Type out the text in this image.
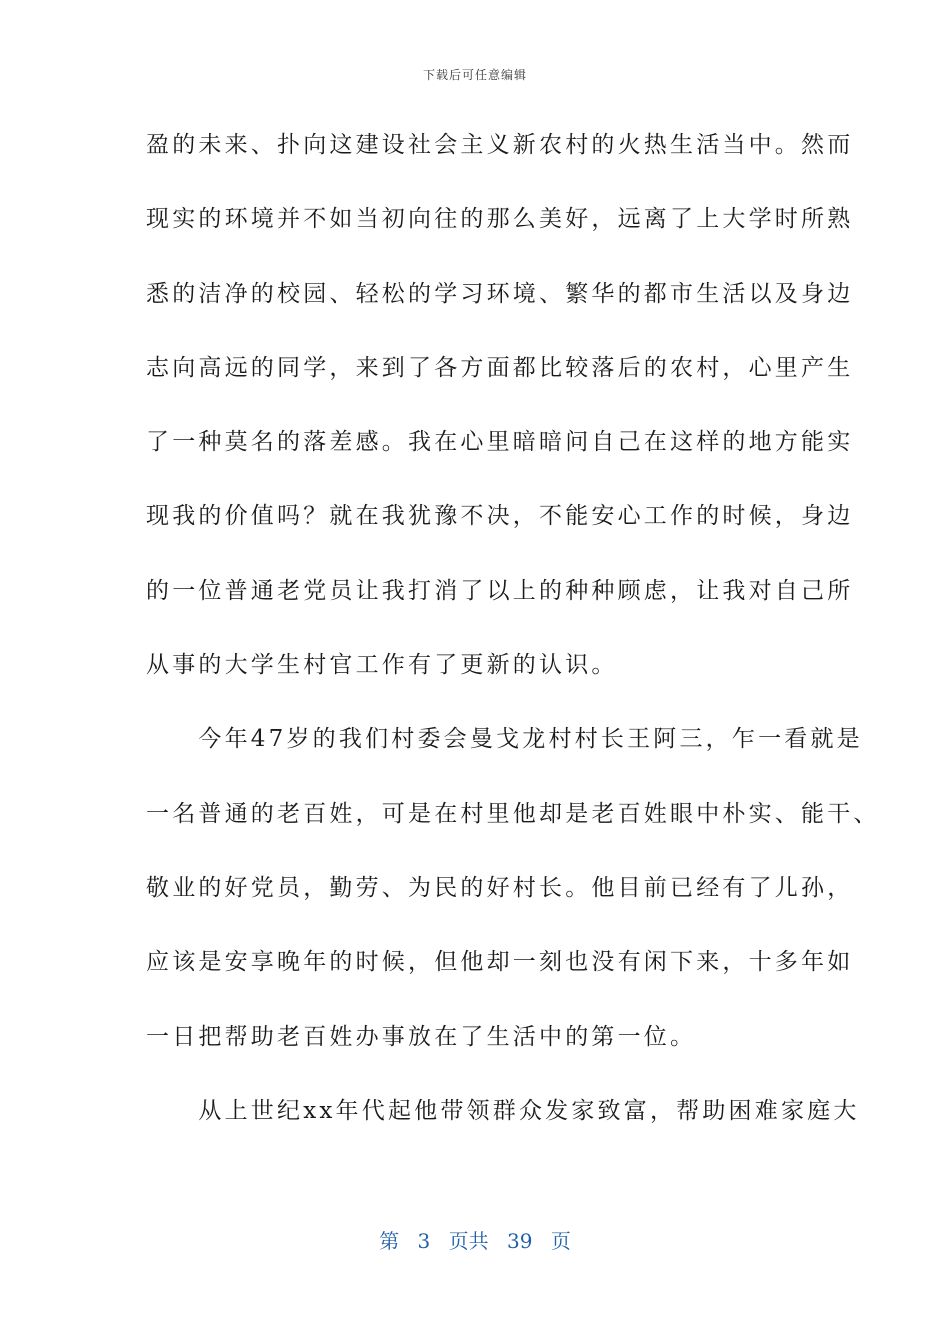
下载后可任意编辑
盈的未来、扑向这建设社会主义新农村的火热生活当中。然而
现实的环境并不如当初向往的那么美好，远离了上大学时所熟
悉的洁净的校园、轻松的学习环境、繁华的都市生活以及身边
志向高远的同学，来到了各方面都比较落后的农村，心里产生
了一种莫名的落差感。我在心里暗暗问自己在这样的地方能实
现我的价值吗？就在我犹豫不决，不能安心工作的时候，身边
的一位普通老党员让我打消了以上的种种顾虑，让我对自己所
从事的大学生村官工作有了更新的认识。
　　今年47岁的我们村委会曼戈龙村村长王阿三，乍一看就是
一名普通的老百姓，可是在村里他却是老百姓眼中朴实、能干、
敬业的好党员，勤劳、为民的好村长。他目前已经有了儿孙，
应该是安享晚年的时候，但他却一刻也没有闲下来，十多年如
一日把帮助老百姓办事放在了生活中的第一位。
　　从上世纪xx年代起他带领群众发家致富，帮助困难家庭大
第 3 页共 39 页
